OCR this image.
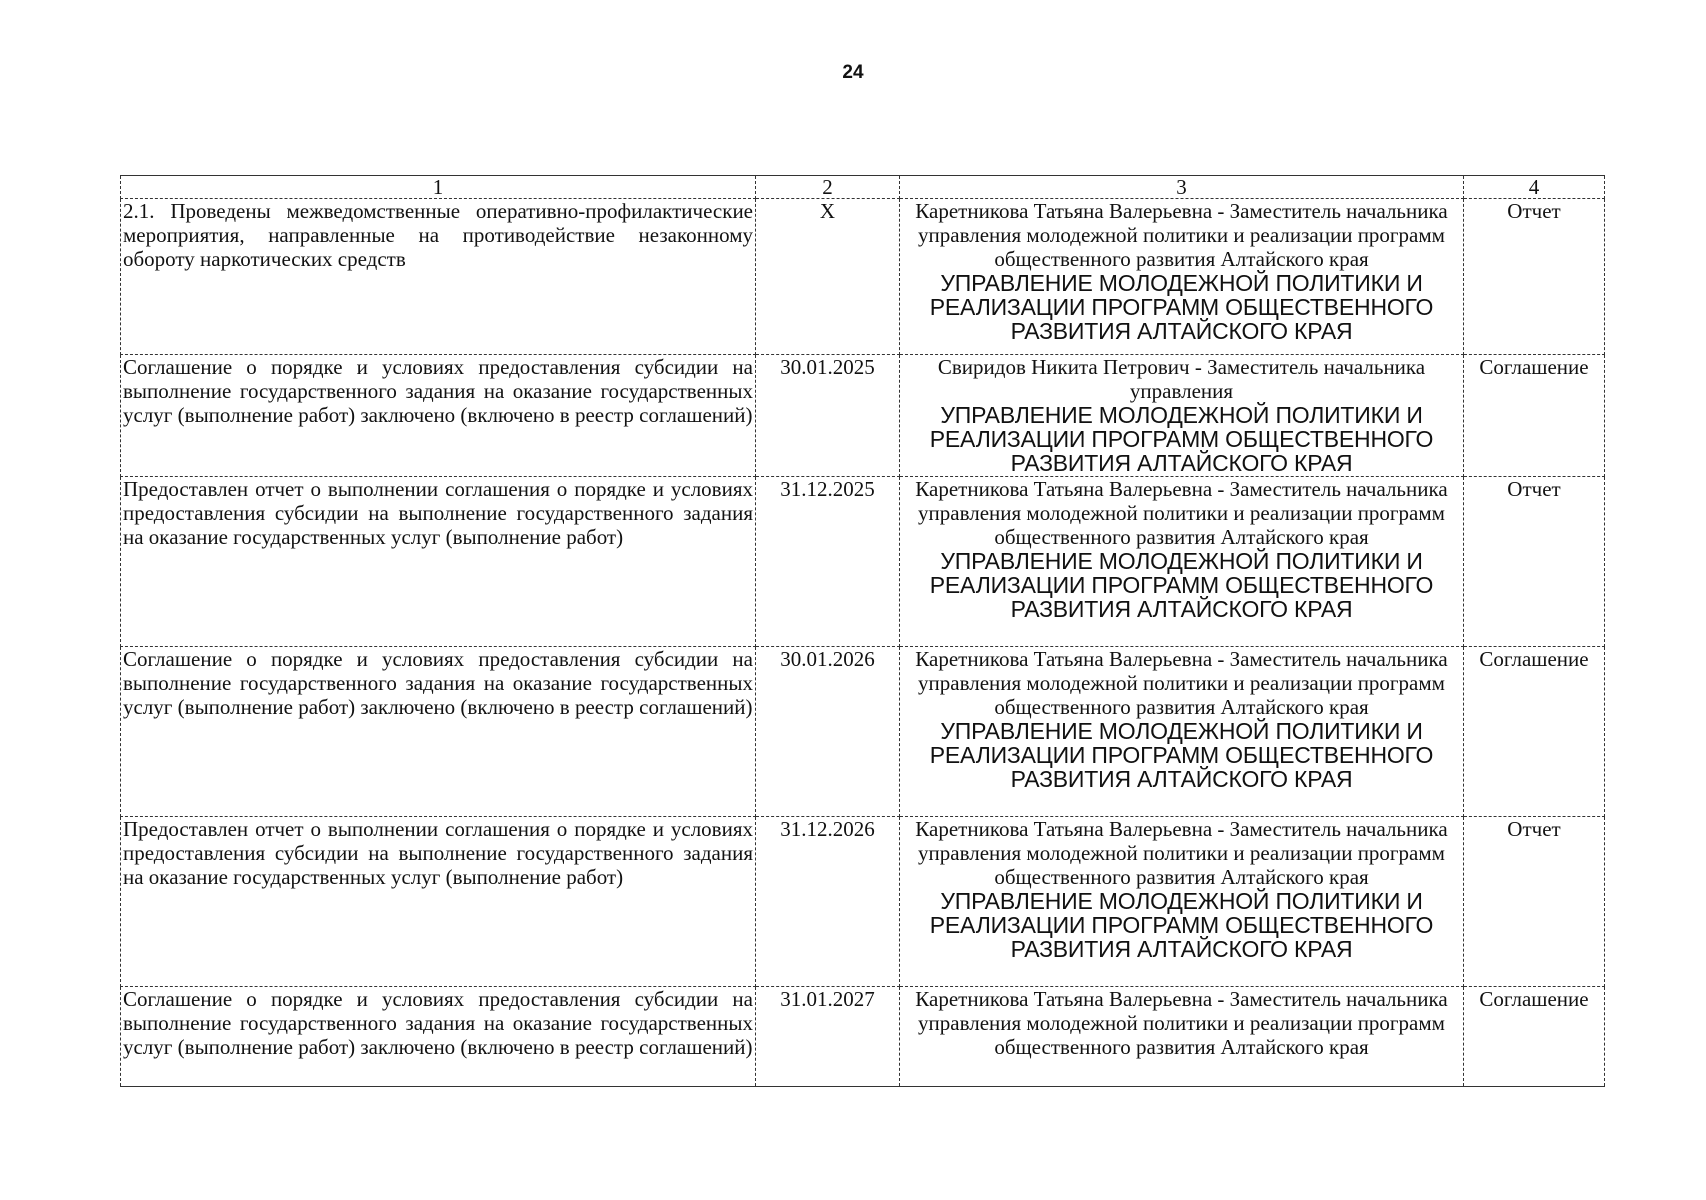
24
1	2	3	4
2.1. Проведены межведомственные оперативно-профилактические мероприятия, направленные на противодействие незаконному обороту наркотических средств	Х	Каретникова Татьяна Валерьевна - Заместитель начальника управления молодежной политики и реализации программ общественного развития Алтайского края
УПРАВЛЕНИЕ МОЛОДЕЖНОЙ ПОЛИТИКИ И РЕАЛИЗАЦИИ ПРОГРАММ ОБЩЕСТВЕННОГО РАЗВИТИЯ АЛТАЙСКОГО КРАЯ	Отчет
Соглашение о порядке и условиях предоставления субсидии на выполнение государственного задания на оказание государственных услуг (выполнение работ) заключено (включено в реестр соглашений)	30.01.2025	Свиридов Никита Петрович - Заместитель начальника управления
УПРАВЛЕНИЕ МОЛОДЕЖНОЙ ПОЛИТИКИ И РЕАЛИЗАЦИИ ПРОГРАММ ОБЩЕСТВЕННОГО РАЗВИТИЯ АЛТАЙСКОГО КРАЯ	Соглашение
Предоставлен отчет о выполнении соглашения о порядке и условиях предоставления субсидии на выполнение государственного задания на оказание государственных услуг (выполнение работ)	31.12.2025	Каретникова Татьяна Валерьевна - Заместитель начальника управления молодежной политики и реализации программ общественного развития Алтайского края
УПРАВЛЕНИЕ МОЛОДЕЖНОЙ ПОЛИТИКИ И РЕАЛИЗАЦИИ ПРОГРАММ ОБЩЕСТВЕННОГО РАЗВИТИЯ АЛТАЙСКОГО КРАЯ	Отчет
Соглашение о порядке и условиях предоставления субсидии на выполнение государственного задания на оказание государственных услуг (выполнение работ) заключено (включено в реестр соглашений)	30.01.2026	Каретникова Татьяна Валерьевна - Заместитель начальника управления молодежной политики и реализации программ общественного развития Алтайского края
УПРАВЛЕНИЕ МОЛОДЕЖНОЙ ПОЛИТИКИ И РЕАЛИЗАЦИИ ПРОГРАММ ОБЩЕСТВЕННОГО РАЗВИТИЯ АЛТАЙСКОГО КРАЯ	Соглашение
Предоставлен отчет о выполнении соглашения о порядке и условиях предоставления субсидии на выполнение государственного задания на оказание государственных услуг (выполнение работ)	31.12.2026	Каретникова Татьяна Валерьевна - Заместитель начальника управления молодежной политики и реализации программ общественного развития Алтайского края
УПРАВЛЕНИЕ МОЛОДЕЖНОЙ ПОЛИТИКИ И РЕАЛИЗАЦИИ ПРОГРАММ ОБЩЕСТВЕННОГО РАЗВИТИЯ АЛТАЙСКОГО КРАЯ	Отчет
Соглашение о порядке и условиях предоставления субсидии на выполнение государственного задания на оказание государственных услуг (выполнение работ) заключено (включено в реестр соглашений)	31.01.2027	Каретникова Татьяна Валерьевна - Заместитель начальника управления молодежной политики и реализации программ общественного развития Алтайского края	Соглашение
